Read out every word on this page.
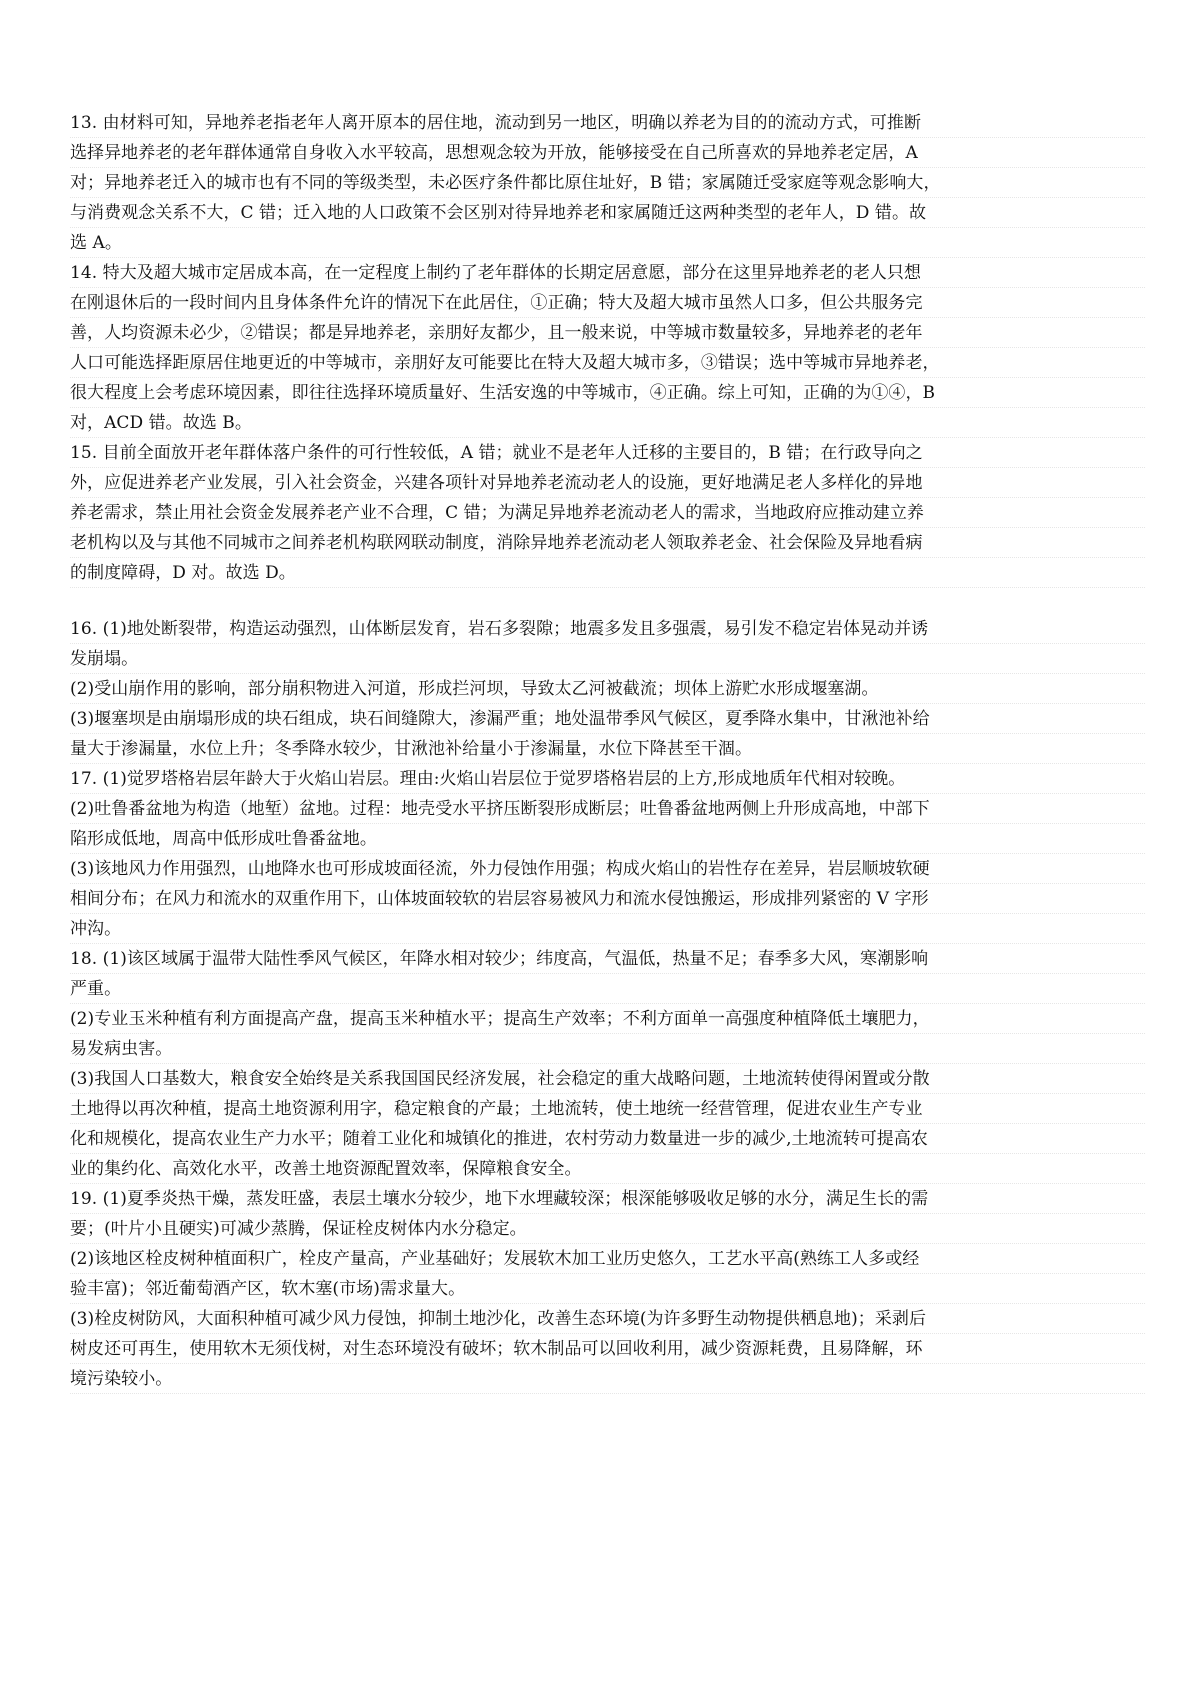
13. 由材料可知，异地养老指老年人离开原本的居住地，流动到另一地区，明确以养老为目的的流动方式，可推断
选择异地养老的老年群体通常自身收入水平较高，思想观念较为开放，能够接受在自己所喜欢的异地养老定居，A
对；异地养老迁入的城市也有不同的等级类型，未必医疗条件都比原住址好，B 错；家属随迁受家庭等观念影响大，
与消费观念关系不大，C 错；迁入地的人口政策不会区别对待异地养老和家属随迁这两种类型的老年人，D 错。故
选 A。
14. 特大及超大城市定居成本高，在一定程度上制约了老年群体的长期定居意愿，部分在这里异地养老的老人只想
在刚退休后的一段时间内且身体条件允许的情况下在此居住，①正确；特大及超大城市虽然人口多，但公共服务完
善，人均资源未必少，②错误；都是异地养老，亲朋好友都少，且一般来说，中等城市数量较多，异地养老的老年
人口可能选择距原居住地更近的中等城市，亲朋好友可能要比在特大及超大城市多，③错误；选中等城市异地养老，
很大程度上会考虑环境因素，即往往选择环境质量好、生活安逸的中等城市，④正确。综上可知，正确的为①④，B
对，ACD 错。故选 B。
15. 目前全面放开老年群体落户条件的可行性较低，A 错；就业不是老年人迁移的主要目的，B 错；在行政导向之
外，应促进养老产业发展，引入社会资金，兴建各项针对异地养老流动老人的设施，更好地满足老人多样化的异地
养老需求，禁止用社会资金发展养老产业不合理，C 错；为满足异地养老流动老人的需求，当地政府应推动建立养
老机构以及与其他不同城市之间养老机构联网联动制度，消除异地养老流动老人领取养老金、社会保险及异地看病
的制度障碍，D 对。故选 D。
16. (1)地处断裂带，构造运动强烈，山体断层发育，岩石多裂隙；地震多发且多强震，易引发不稳定岩体晃动并诱
发崩塌。
(2)受山崩作用的影响，部分崩积物进入河道，形成拦河坝，导致太乙河被截流；坝体上游贮水形成堰塞湖。
(3)堰塞坝是由崩塌形成的块石组成，块石间缝隙大，渗漏严重；地处温带季风气候区，夏季降水集中，甘湫池补给
量大于渗漏量，水位上升；冬季降水较少，甘湫池补给量小于渗漏量，水位下降甚至干涸。
17. (1)觉罗塔格岩层年龄大于火焰山岩层。理由:火焰山岩层位于觉罗塔格岩层的上方,形成地质年代相对较晚。
(2)吐鲁番盆地为构造（地堑）盆地。过程：地壳受水平挤压断裂形成断层；吐鲁番盆地两侧上升形成高地，中部下
陷形成低地，周高中低形成吐鲁番盆地。
(3)该地风力作用强烈，山地降水也可形成坡面径流，外力侵蚀作用强；构成火焰山的岩性存在差异，岩层顺坡软硬
相间分布；在风力和流水的双重作用下，山体坡面较软的岩层容易被风力和流水侵蚀搬运，形成排列紧密的 V 字形
冲沟。
18. (1)该区域属于温带大陆性季风气候区，年降水相对较少；纬度高，气温低，热量不足；春季多大风，寒潮影响
严重。
(2)专业玉米种植有利方面提高产盘，提高玉米种植水平；提高生产效率；不利方面单一高强度种植降低土壤肥力，
易发病虫害。
(3)我国人口基数大，粮食安全始终是关系我国国民经济发展，社会稳定的重大战略问题，土地流转使得闲置或分散
土地得以再次种植，提高土地资源利用字，稳定粮食的产最；土地流转，使土地统一经营管理，促进农业生产专业
化和规模化，提高农业生产力水平；随着工业化和城镇化的推进，农村劳动力数量进一步的减少,土地流转可提高农
业的集约化、高效化水平，改善土地资源配置效率，保障粮食安全。
19. (1)夏季炎热干燥，蒸发旺盛，表层土壤水分较少，地下水埋藏较深；根深能够吸收足够的水分，满足生长的需
要；(叶片小且硬实)可减少蒸腾，保证栓皮树体内水分稳定。
(2)该地区栓皮树种植面积广，栓皮产量高，产业基础好；发展软木加工业历史悠久，工艺水平高(熟练工人多或经
验丰富)；邻近葡萄酒产区，软木塞(市场)需求量大。
(3)栓皮树防风，大面积种植可减少风力侵蚀，抑制土地沙化，改善生态环境(为许多野生动物提供栖息地)；采剥后
树皮还可再生，使用软木无须伐树，对生态环境没有破坏；软木制品可以回收利用，减少资源耗费，且易降解，环
境污染较小。
